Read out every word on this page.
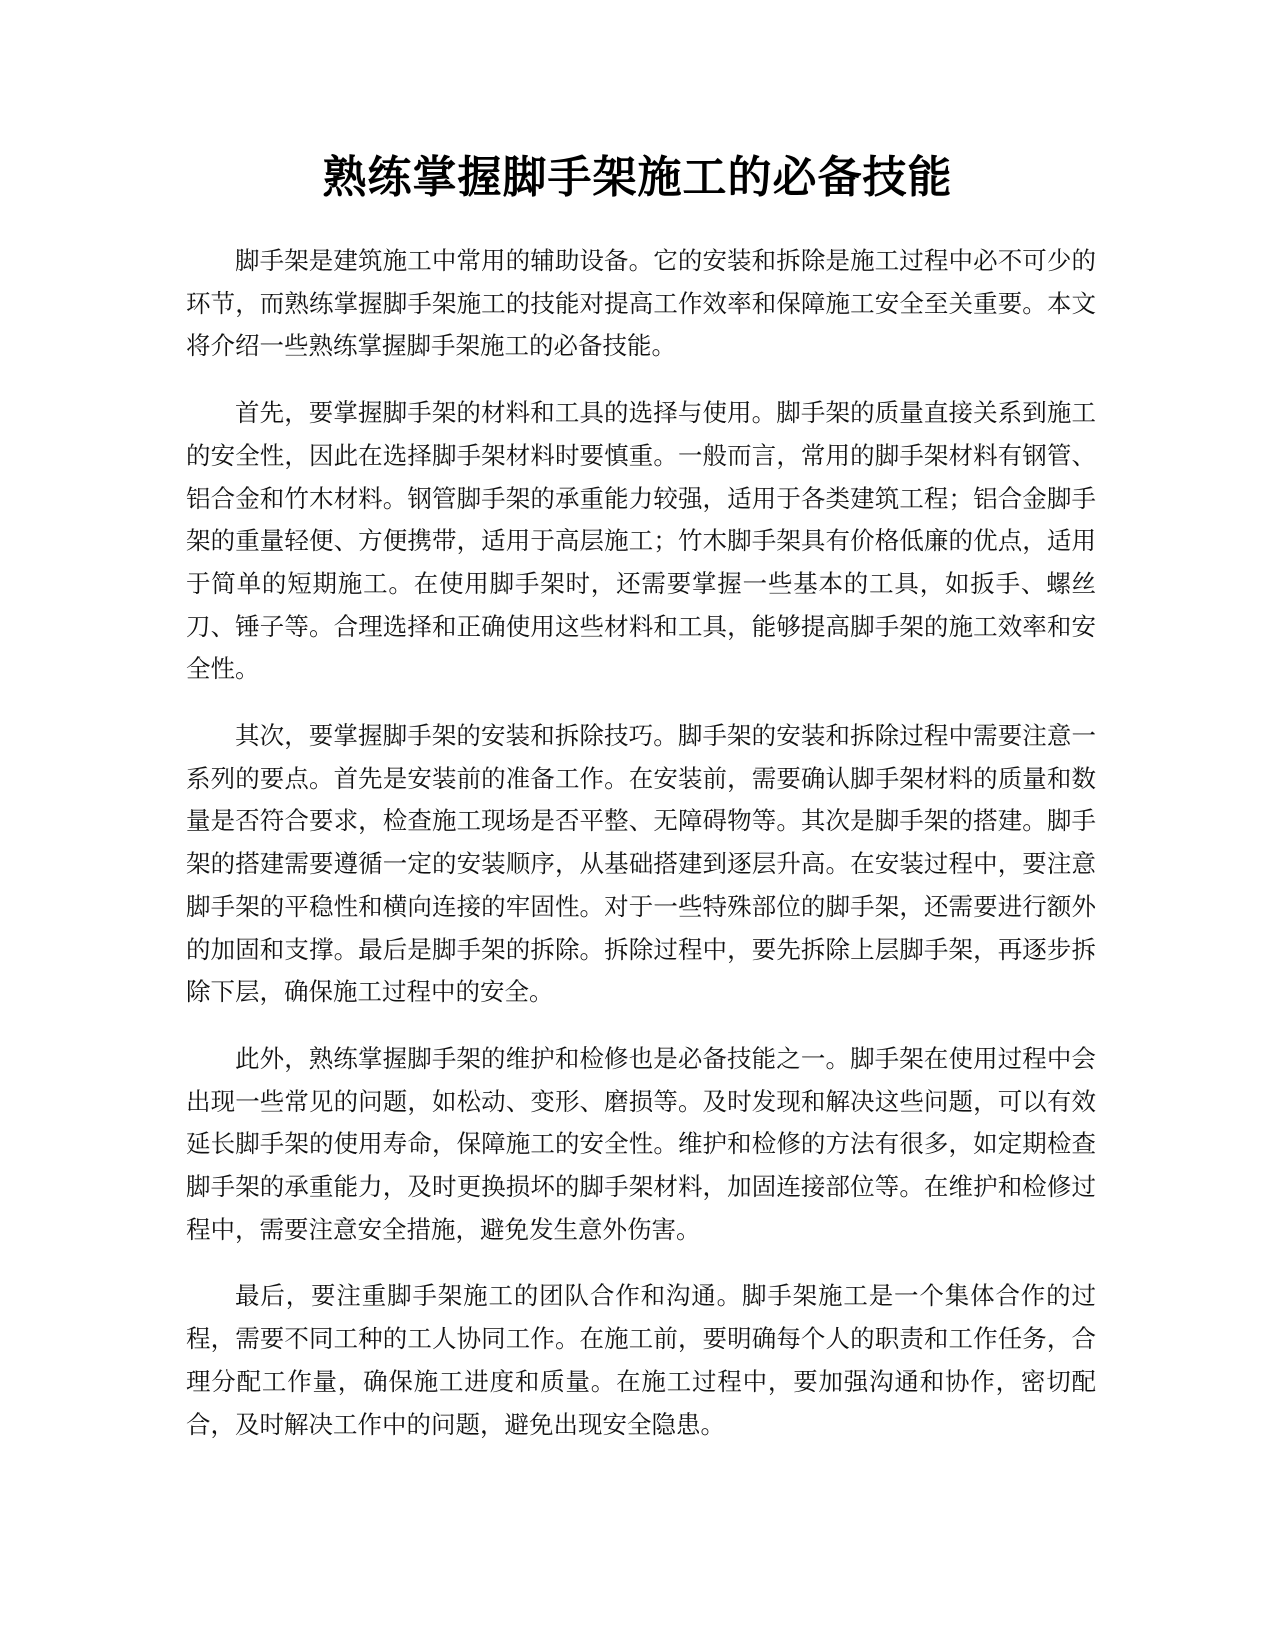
熟练掌握脚手架施工的必备技能

脚手架是建筑施工中常用的辅助设备。它的安装和拆除是施工过程中必不可少的环节，而熟练掌握脚手架施工的技能对提高工作效率和保障施工安全至关重要。本文将介绍一些熟练掌握脚手架施工的必备技能。

首先，要掌握脚手架的材料和工具的选择与使用。脚手架的质量直接关系到施工的安全性，因此在选择脚手架材料时要慎重。一般而言，常用的脚手架材料有钢管、铝合金和竹木材料。钢管脚手架的承重能力较强，适用于各类建筑工程；铝合金脚手架的重量轻便、方便携带，适用于高层施工；竹木脚手架具有价格低廉的优点，适用于简单的短期施工。在使用脚手架时，还需要掌握一些基本的工具，如扳手、螺丝刀、锤子等。合理选择和正确使用这些材料和工具，能够提高脚手架的施工效率和安全性。

其次，要掌握脚手架的安装和拆除技巧。脚手架的安装和拆除过程中需要注意一系列的要点。首先是安装前的准备工作。在安装前，需要确认脚手架材料的质量和数量是否符合要求，检查施工现场是否平整、无障碍物等。其次是脚手架的搭建。脚手架的搭建需要遵循一定的安装顺序，从基础搭建到逐层升高。在安装过程中，要注意脚手架的平稳性和横向连接的牢固性。对于一些特殊部位的脚手架，还需要进行额外的加固和支撑。最后是脚手架的拆除。拆除过程中，要先拆除上层脚手架，再逐步拆除下层，确保施工过程中的安全。

此外，熟练掌握脚手架的维护和检修也是必备技能之一。脚手架在使用过程中会出现一些常见的问题，如松动、变形、磨损等。及时发现和解决这些问题，可以有效延长脚手架的使用寿命，保障施工的安全性。维护和检修的方法有很多，如定期检查脚手架的承重能力，及时更换损坏的脚手架材料，加固连接部位等。在维护和检修过程中，需要注意安全措施，避免发生意外伤害。

最后，要注重脚手架施工的团队合作和沟通。脚手架施工是一个集体合作的过程，需要不同工种的工人协同工作。在施工前，要明确每个人的职责和工作任务，合理分配工作量，确保施工进度和质量。在施工过程中，要加强沟通和协作，密切配合，及时解决工作中的问题，避免出现安全隐患。
